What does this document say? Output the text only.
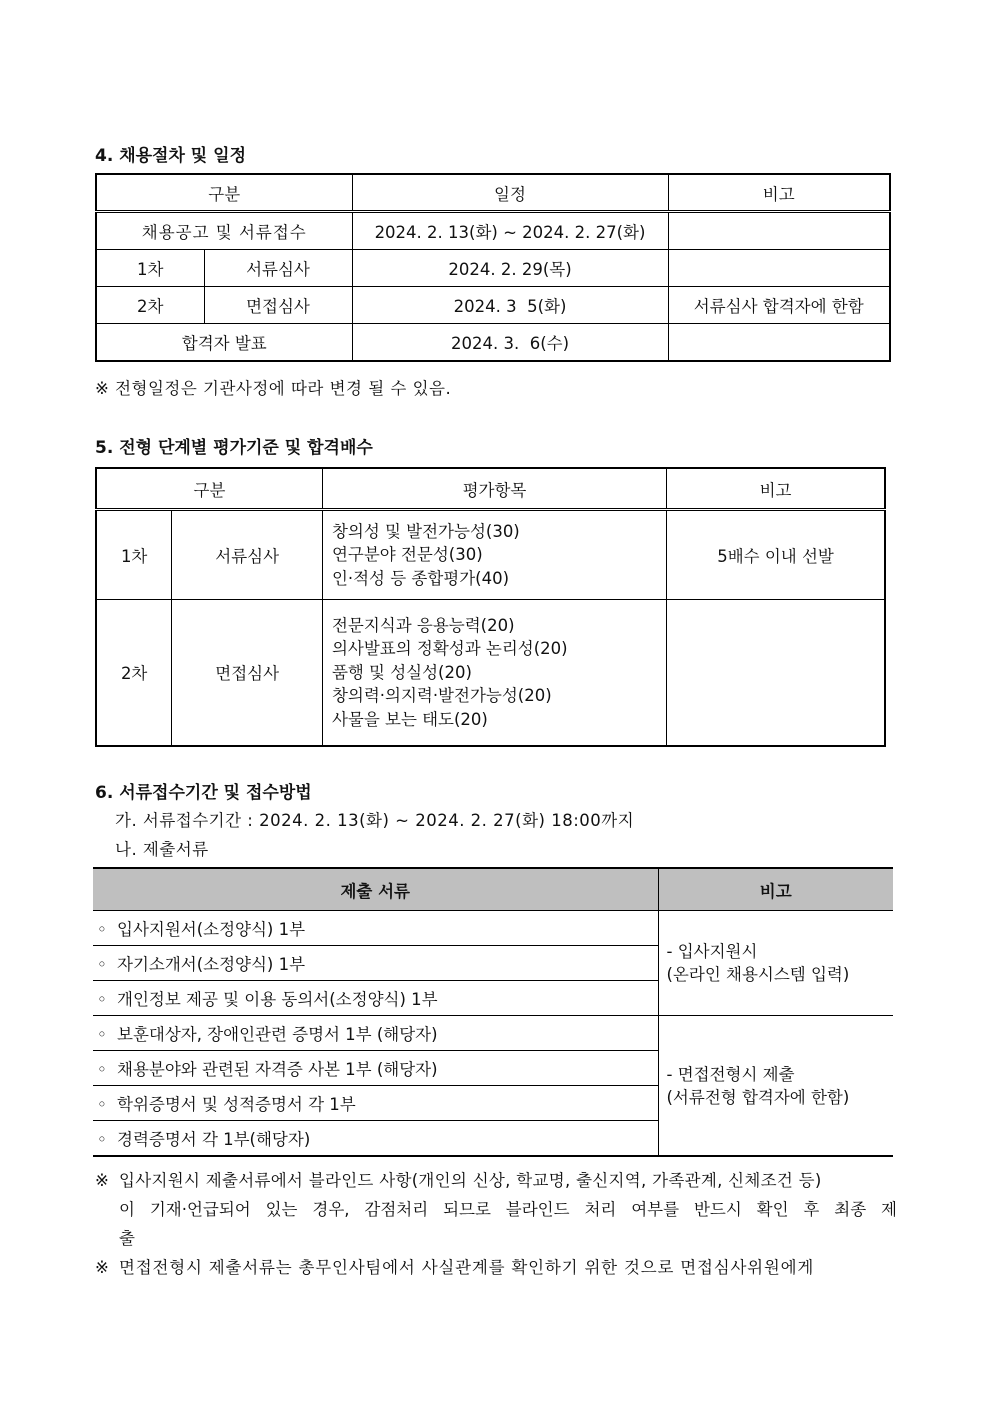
4. 채용절차 및 일정
구분		일정	비고
채용공고 및 서류접수		2024. 2. 13(화) ~ 2024. 2. 27(화)	
1차	서류심사	2024. 2. 29(목)	
2차	면접심사	2024. 3  5(화)	서류심사 합격자에 한함
합격자 발표		2024. 3.  6(수)	
※ 전형일정은 기관사정에 따라 변경 될 수 있음.
5. 전형 단계별 평가기준 및 합격배수
구분		평가항목	비고
1차	서류심사	창의성 및 발전가능성(30)
연구분야 전문성(30)
인·적성 등 종합평가(40)	5배수 이내 선발
2차	면접심사	전문지식과 응용능력(20)
의사발표의 정확성과 논리성(20)
품행 및 성실성(20)
창의력·의지력·발전가능성(20)
사물을 보는 태도(20)	

6. 서류접수기간 및 접수방법
가. 서류접수기간 : 2024. 2. 13(화) ~ 2024. 2. 27(화) 18:00까지
나. 제출서류
제출 서류	비고
◦ 입사지원서(소정양식) 1부	- 입사지원시
(온라인 채용시스템 입력)

◦ 자기소개서(소정양식) 1부	
◦ 개인정보 제공 및 이용 동의서(소정양식) 1부	
◦ 보훈대상자, 장애인관련 증명서 1부 (해당자)	- 면접전형시 제출
(서류전형 합격자에 한함)

◦ 채용분야와 관련된 자격증 사본 1부 (해당자)	
◦ 학위증명서 및 성적증명서 각 1부	
◦ 경력증명서 각 1부(해당자)	
※ 입사지원시 제출서류에서 블라인드 사항(개인의 신상, 학교명, 출신지역, 가족관계, 신체조건 등)
이 기재·언급되어 있는 경우, 감점처리 되므로 블라인드 처리 여부를 반드시 확인 후 최종 제
출
※ 면접전형시 제출서류는 총무인사팀에서 사실관계를 확인하기 위한 것으로 면접심사위원에게
